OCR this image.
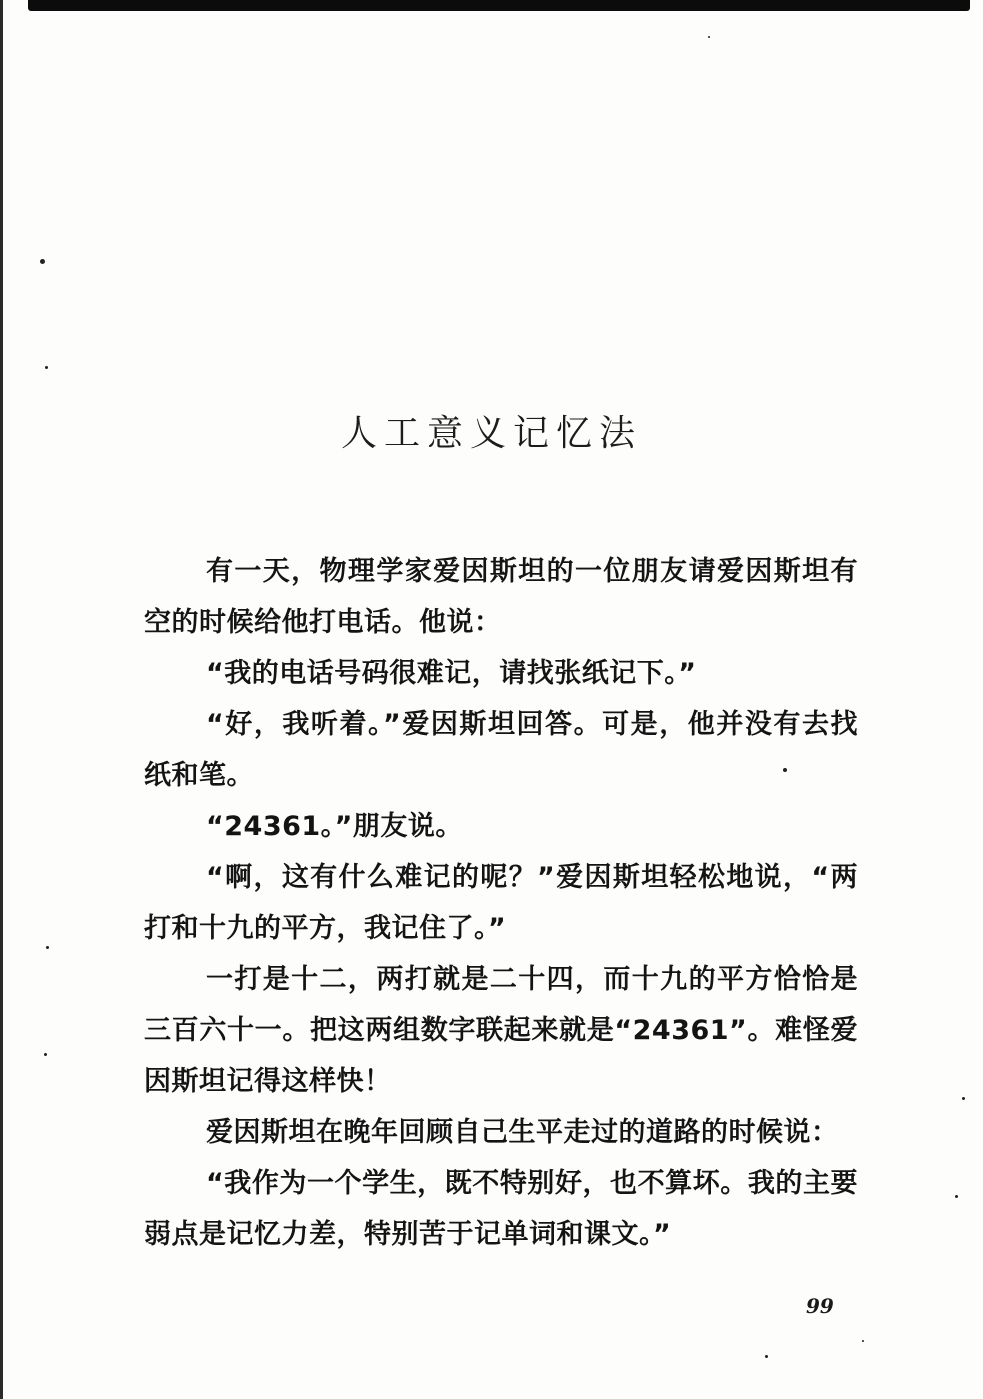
人工意义记忆法

有一天，物理学家爱因斯坦的一位朋友请爱因斯坦有空的时候给他打电话。他说：

“我的电话号码很难记，请找张纸记下。”

“好，我听着。”爱因斯坦回答。可是，他并没有去找纸和笔。

“24361。”朋友说。

“啊，这有什么难记的呢？”爱因斯坦轻松地说，“两打和十九的平方，我记住了。”

一打是十二，两打就是二十四，而十九的平方恰恰是三百六十一。把这两组数字联起来就是“24361”。难怪爱因斯坦记得这样快！

爱因斯坦在晚年回顾自己生平走过的道路的时候说：

“我作为一个学生，既不特别好，也不算坏。我的主要弱点是记忆力差，特别苦于记单词和课文。”

99
